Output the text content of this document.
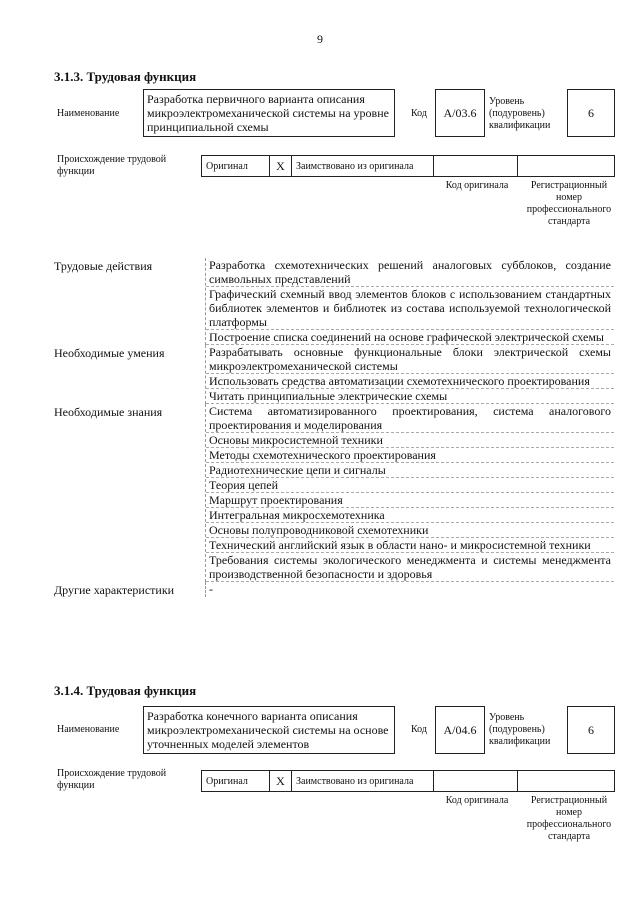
9
3.1.3. Трудовая функция
Наименование
Разработка первичного варианта описания микроэлектромеханической системы на уровне принципиальной схемы
Код	A/03.6
Уровень (подуровень) квалификации
6
Происхождение трудовой функции	Оригинал	X	Заимствовано из оригинала
Код оригинала	Регистрационный номер профессионального стандарта
Трудовые действия	Разработка схемотехнических решений аналоговых субблоков, создание символьных представлений
Графический схемный ввод элементов блоков с использованием стандартных библиотек элементов и библиотек из состава используемой технологической платформы
Построение списка соединений на основе графической электрической схемы
Необходимые умения	Разрабатывать основные функциональные блоки электрической схемы микроэлектромеханической системы
Использовать средства автоматизации схемотехнического проектирования
Читать принципиальные электрические схемы
Необходимые знания	Система автоматизированного проектирования, система аналогового проектирования и моделирования
Основы микросистемной техники
Методы схемотехнического проектирования
Радиотехнические цепи и сигналы
Теория цепей
Маршрут проектирования
Интегральная микросхемотехника
Основы полупроводниковой схемотехники
Технический английский язык в области нано- и микросистемной техники
Требования системы экологического менеджмента и системы менеджмента производственной безопасности и здоровья
Другие характеристики	-
3.1.4. Трудовая функция
Наименование
Разработка конечного варианта описания микроэлектромеханической системы на основе уточненных моделей элементов
Код	A/04.6
Уровень (подуровень) квалификации
6
Происхождение трудовой функции	Оригинал	X	Заимствовано из оригинала
Код оригинала	Регистрационный номер профессионального стандарта
